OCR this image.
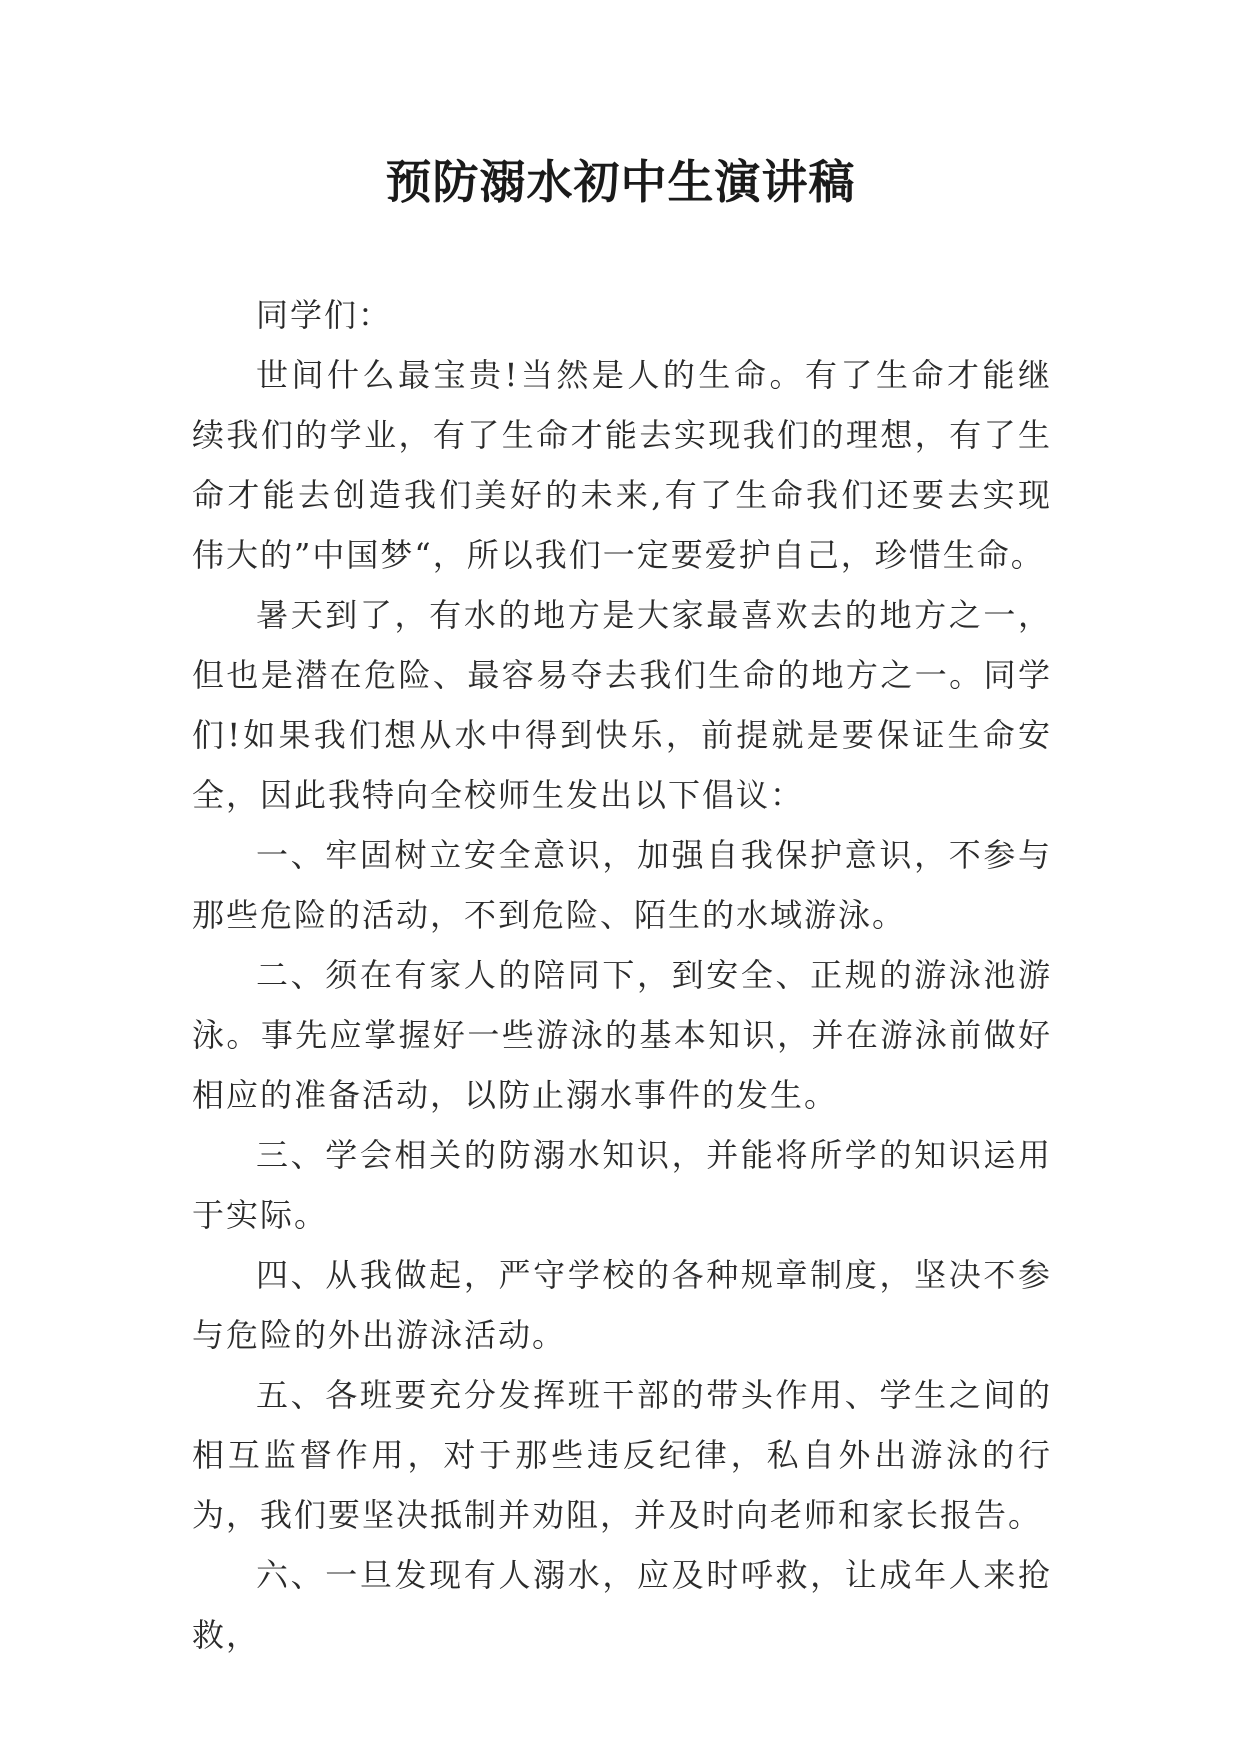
预防溺水初中生演讲稿

同学们：

世间什么最宝贵!当然是人的生命。有了生命才能继续我们的学业，有了生命才能去实现我们的理想，有了生命才能去创造我们美好的未来,有了生命我们还要去实现伟大的”中国梦“，所以我们一定要爱护自己，珍惜生命。

暑天到了，有水的地方是大家最喜欢去的地方之一，但也是潜在危险、最容易夺去我们生命的地方之一。同学们!如果我们想从水中得到快乐，前提就是要保证生命安全，因此我特向全校师生发出以下倡议：

一、牢固树立安全意识，加强自我保护意识，不参与那些危险的活动，不到危险、陌生的水域游泳。

二、须在有家人的陪同下，到安全、正规的游泳池游泳。事先应掌握好一些游泳的基本知识，并在游泳前做好相应的准备活动，以防止溺水事件的发生。

三、学会相关的防溺水知识，并能将所学的知识运用于实际。

四、从我做起，严守学校的各种规章制度，坚决不参与危险的外出游泳活动。

五、各班要充分发挥班干部的带头作用、学生之间的相互监督作用，对于那些违反纪律，私自外出游泳的行为，我们要坚决抵制并劝阻，并及时向老师和家长报告。

六、一旦发现有人溺水，应及时呼救，让成年人来抢救，
